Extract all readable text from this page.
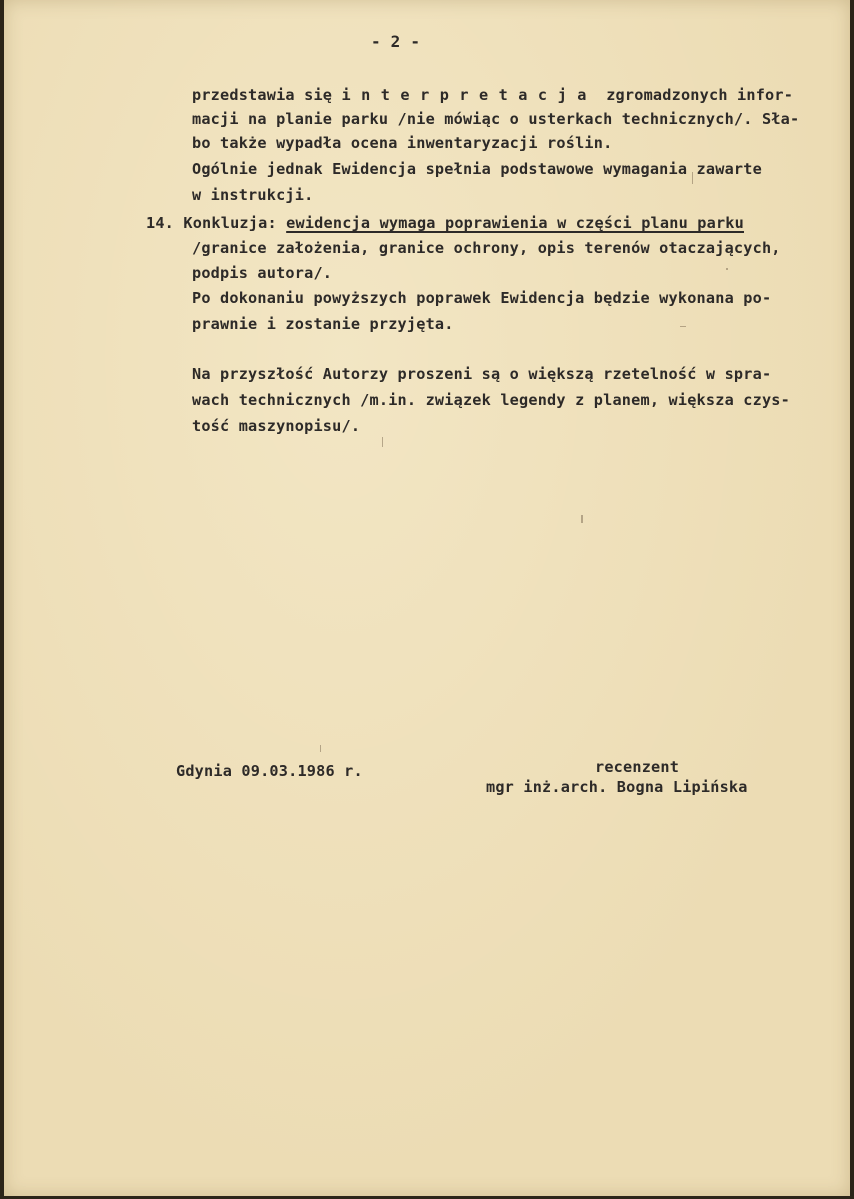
- 2 -

przedstawia się interpretacja zgromadzonych infor-

macji na planie parku /nie mówiąc o usterkach technicznych/. Sła-

bo także wypadła ocena inwentaryzacji roślin.

Ogólnie jednak Ewidencja spełnia podstawowe wymagania zawarte

w instrukcji.

14. Konkluzja: ewidencja wymaga poprawienia w części planu parku

/granice założenia, granice ochrony, opis terenów otaczających,

podpis autora/.

Po dokonaniu powyższych poprawek Ewidencja będzie wykonana po-

prawnie i zostanie przyjęta.

Na przyszłość Autorzy proszeni są o większą rzetelność w spra-

wach technicznych /m.in. związek legendy z planem, większa czys-

tość maszynopisu/.

Gdynia 09.03.1986 r.	recenzent

mgr inż.arch. Bogna Lipińska
